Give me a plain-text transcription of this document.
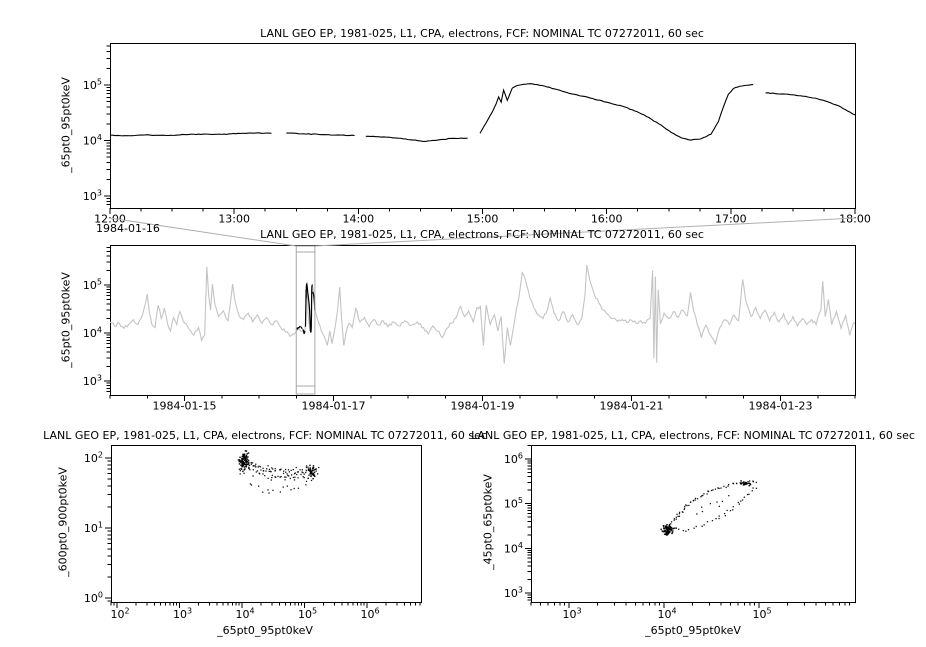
12:00	13:00	14:00	15:00	16:00	17:00	18:00
$10^3$
$10^4$
$10^5$
1984-01-15	1984-01-17	1984-01-19	1984-01-21	1984-01-23
$10^3$
$10^4$
$10^5$
$10^2$	$10^3$	$10^4$	$10^5$	$10^6$
$10^0$
$10^1$
$10^2$
$10^3$	$10^4$	$10^5$
$10^3$
$10^4$
$10^5$
$10^6$
LANL GEO EP, 1981-025, L1, CPA, electrons, FCF: NOMINAL TC 07272011, 60 sec
LANL GEO EP, 1981-025, L1, CPA, electrons, FCF: NOMINAL TC 07272011, 60 sec
LANL GEO EP, 1981-025, L1, CPA, electrons, FCF: NOMINAL TC 07272011, 60 sec
LANL GEO EP, 1981-025, L1, CPA, electrons, FCF: NOMINAL TC 07272011, 60 sec
_65pt0_95pt0keV
_65pt0_95pt0keV
_600pt0_900pt0keV	_45pt0_65pt0keV
1984-01-16
_65pt0_95pt0keV	_65pt0_95pt0keV
